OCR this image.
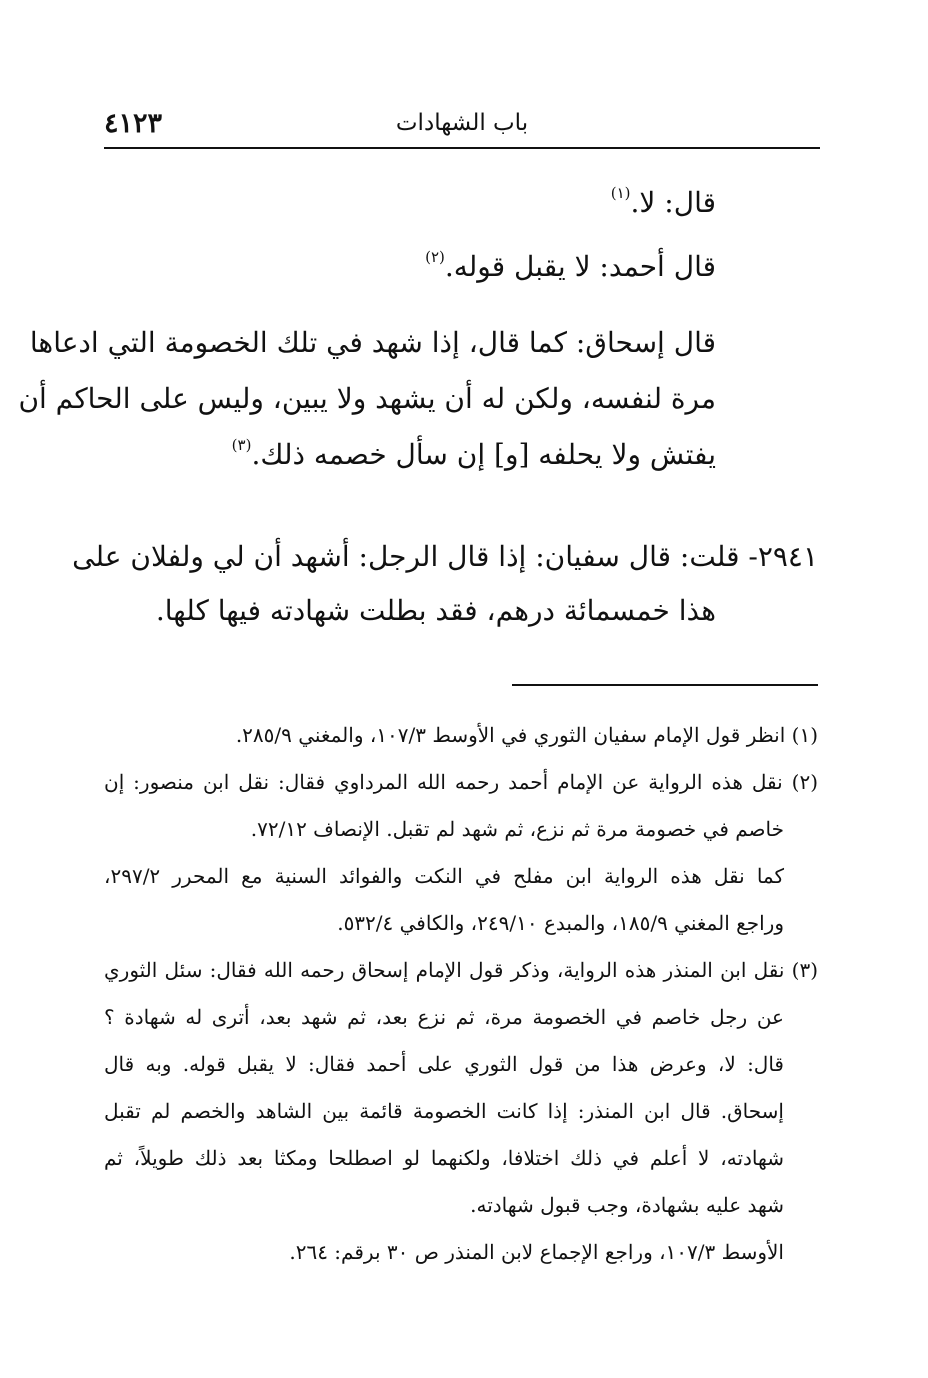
باب الشهادات
٤١٢٣

قال: لا.$^{(١)}$

قال أحمد: لا يقبل قوله.$^{(٢)}$

قال إسحاق: كما قال، إذا شهد في تلك الخصومة التي ادعاها
مرة لنفسه، ولكن له أن يشهد ولا يبين، وليس على الحاكم أن
يفتش ولا يحلفه [و] إن سأل خصمه ذلك.$^{(٣)}$
٢٩٤١- قلت: قال سفيان: إذا قال الرجل: أشهد أن لي ولفلان على
هذا خمسمائة درهم، فقد بطلت شهادته فيها كلها.

(١) انظر قول الإمام سفيان الثوري في الأوسط ١٠٧/٣، والمغني ٢٨٥/٩.

(٢) نقل هذه الرواية عن الإمام أحمد رحمه الله المرداوي فقال: نقل ابن منصور: إن

خاصم في خصومة مرة ثم نزع، ثم شهد لم تقبل. الإنصاف ٧٢/١٢.

كما نقل هذه الرواية ابن مفلح في النكت والفوائد السنية مع المحرر ٢٩٧/٢،

وراجع المغني ١٨٥/٩، والمبدع ٢٤٩/١٠، والكافي ٥٣٢/٤.

(٣) نقل ابن المنذر هذه الرواية، وذكر قول الإمام إسحاق رحمه الله فقال: سئل الثوري

عن رجل خاصم في الخصومة مرة، ثم نزع بعد، ثم شهد بعد، أترى له شهادة ؟

قال: لا، وعرض هذا من قول الثوري على أحمد فقال: لا يقبل قوله. وبه قال

إسحاق. قال ابن المنذر: إذا كانت الخصومة قائمة بين الشاهد والخصم لم تقبل

شهادته، لا أعلم في ذلك اختلافا، ولكنهما لو اصطلحا ومكثا بعد ذلك طويلاً، ثم

شهد عليه بشهادة، وجب قبول شهادته.

الأوسط ١٠٧/٣، وراجع الإجماع لابن المنذر ص ٣٠ برقم: ٢٦٤.
